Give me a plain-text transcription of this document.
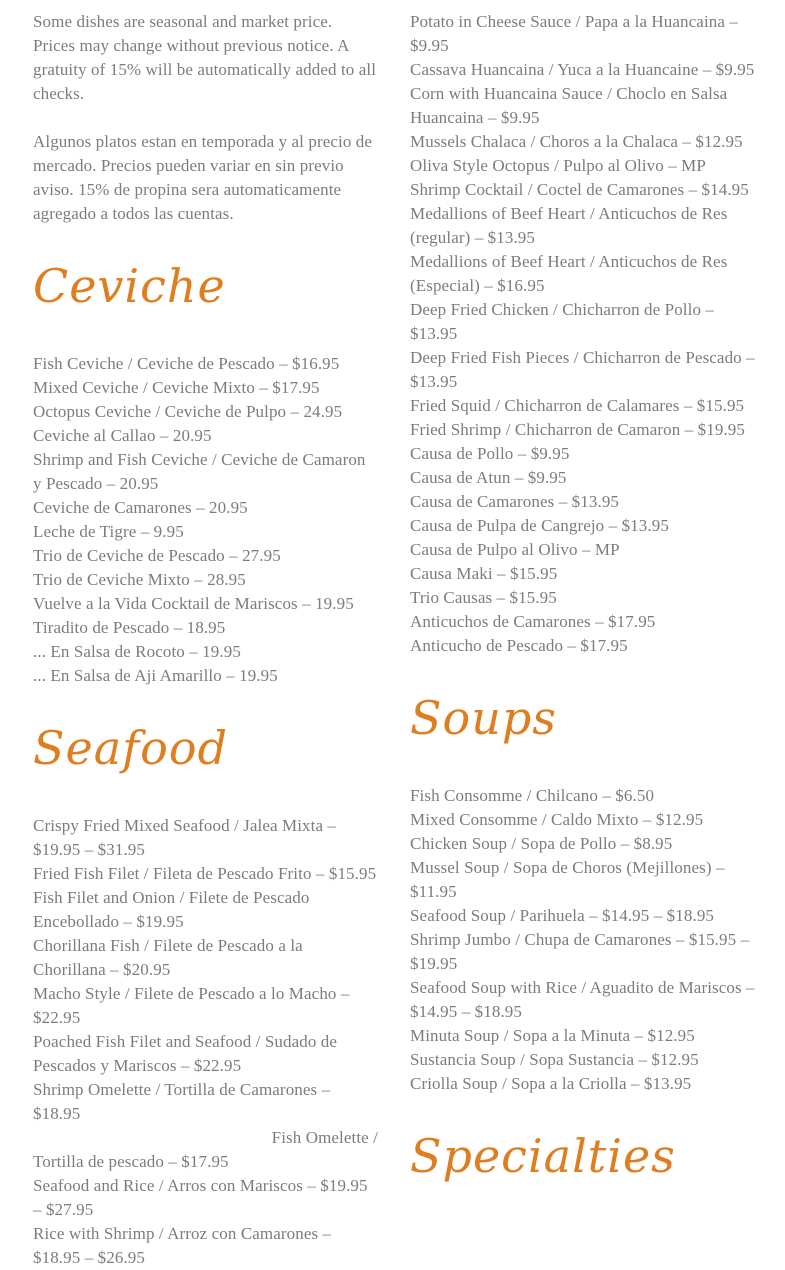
Some dishes are seasonal and market price. Prices may change without previous notice. A gratuity of 15% will be automatically added to all checks.

Algunos platos estan en temporada y al precio de mercado. Precios pueden variar en sin previo aviso. 15% de propina sera automaticamente agregado a todos las cuentas.

Ceviche

Fish Ceviche / Ceviche de Pescado – $16.95

Mixed Ceviche / Ceviche Mixto – $17.95

Octopus Ceviche / Ceviche de Pulpo – 24.95

Ceviche al Callao – 20.95

Shrimp and Fish Ceviche / Ceviche de Camaron y Pescado – 20.95

Ceviche de Camarones – 20.95

Leche de Tigre – 9.95

Trio de Ceviche de Pescado – 27.95

Trio de Ceviche Mixto – 28.95

Vuelve a la Vida Cocktail de Mariscos – 19.95

Tiradito de Pescado – 18.95

... En Salsa de Rocoto – 19.95

... En Salsa de Aji Amarillo – 19.95

Seafood

Crispy Fried Mixed Seafood / Jalea Mixta – $19.95 – $31.95

Fried Fish Filet / Fileta de Pescado Frito – $15.95

Fish Filet and Onion / Filete de Pescado Encebollado – $19.95

Chorillana Fish / Filete de Pescado a la Chorillana – $20.95

Macho Style / Filete de Pescado a lo Macho – $22.95

Poached Fish Filet and Seafood / Sudado de Pescados y Mariscos – $22.95

Shrimp Omelette / Tortilla de Camarones – $18.95

Fish Omelette /

Tortilla de pescado – $17.95

Seafood and Rice / Arros con Mariscos – $19.95 – $27.95

Rice with Shrimp / Arroz con Camarones – $18.95 – $26.95

Potato in Cheese Sauce / Papa a la Huancaina – $9.95

Cassava Huancaina / Yuca a la Huancaine – $9.95

Corn with Huancaina Sauce / Choclo en Salsa Huancaina – $9.95

Mussels Chalaca / Choros a la Chalaca – $12.95

Oliva Style Octopus / Pulpo al Olivo – MP

Shrimp Cocktail / Coctel de Camarones – $14.95

Medallions of Beef Heart / Anticuchos de Res (regular) – $13.95

Medallions of Beef Heart / Anticuchos de Res (Especial) – $16.95

Deep Fried Chicken / Chicharron de Pollo – $13.95

Deep Fried Fish Pieces / Chicharron de Pescado – $13.95

Fried Squid / Chicharron de Calamares – $15.95

Fried Shrimp / Chicharron de Camaron – $19.95

Causa de Pollo – $9.95

Causa de Atun – $9.95

Causa de Camarones – $13.95

Causa de Pulpa de Cangrejo – $13.95

Causa de Pulpo al Olivo – MP

Causa Maki – $15.95

Trio Causas – $15.95

Anticuchos de Camarones – $17.95

Anticucho de Pescado – $17.95

Soups

Fish Consomme / Chilcano – $6.50

Mixed Consomme / Caldo Mixto – $12.95

Chicken Soup / Sopa de Pollo – $8.95

Mussel Soup / Sopa de Choros (Mejillones) – $11.95

Seafood Soup / Parihuela – $14.95 – $18.95

Shrimp Jumbo / Chupa de Camarones – $15.95 – $19.95

Seafood Soup with Rice / Aguadito de Mariscos – $14.95 – $18.95

Minuta Soup / Sopa a la Minuta – $12.95

Sustancia Soup / Sopa Sustancia – $12.95

Criolla Soup / Sopa a la Criolla – $13.95

Specialties
